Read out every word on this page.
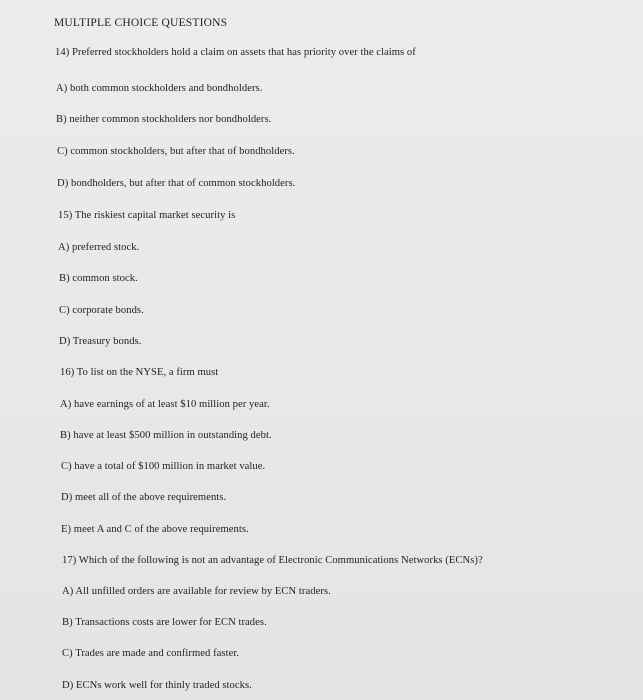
MULTIPLE CHOICE QUESTIONS
14) Preferred stockholders hold a claim on assets that has priority over the claims of
A) both common stockholders and bondholders.
B) neither common stockholders nor bondholders.
C) common stockholders, but after that of bondholders.
D) bondholders, but after that of common stockholders.
15) The riskiest capital market security is
A) preferred stock.
B) common stock.
C) corporate bonds.
D) Treasury bonds.
16) To list on the NYSE, a firm must
A) have earnings of at least $10 million per year.
B) have at least $500 million in outstanding debt.
C) have a total of $100 million in market value.
D) meet all of the above requirements.
E) meet A and C of the above requirements.
17) Which of the following is not an advantage of Electronic Communications Networks (ECNs)?
A) All unfilled orders are available for review by ECN traders.
B) Transactions costs are lower for ECN trades.
C) Trades are made and confirmed faster.
D) ECNs work well for thinly traded stocks.
